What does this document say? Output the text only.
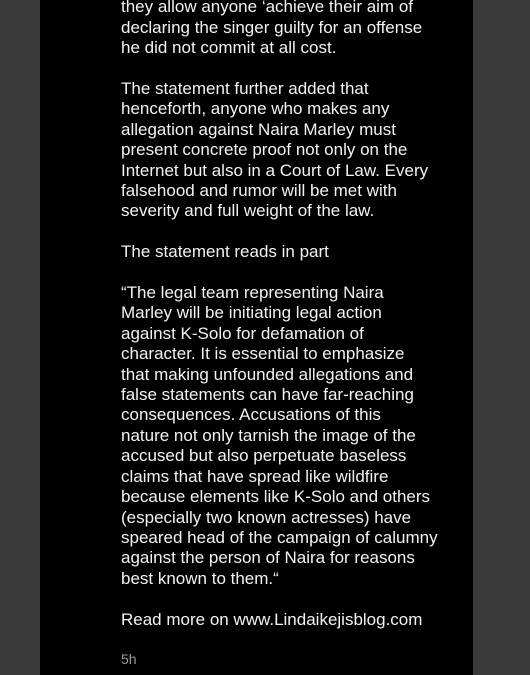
they allow anyone ‘achieve their aim of
declaring the singer guilty for an offense
he did not commit at all cost.

The statement further added that
henceforth, anyone who makes any
allegation against Naira Marley must
present concrete proof not only on the
Internet but also in a Court of Law. Every
falsehood and rumor will be met with
severity and full weight of the law.

The statement reads in part

“The legal team representing Naira
Marley will be initiating legal action
against K-Solo for defamation of
character. It is essential to emphasize
that making unfounded allegations and
false statements can have far-reaching
consequences. Accusations of this
nature not only tarnish the image of the
accused but also perpetuate baseless
claims that have spread like wildfire
because elements like K-Solo and others
(especially two known actresses) have
speared head of the campaign of calumny
against the person of Naira for reasons
best known to them.“

Read more on www.Lindaikejisblog.com

5h
